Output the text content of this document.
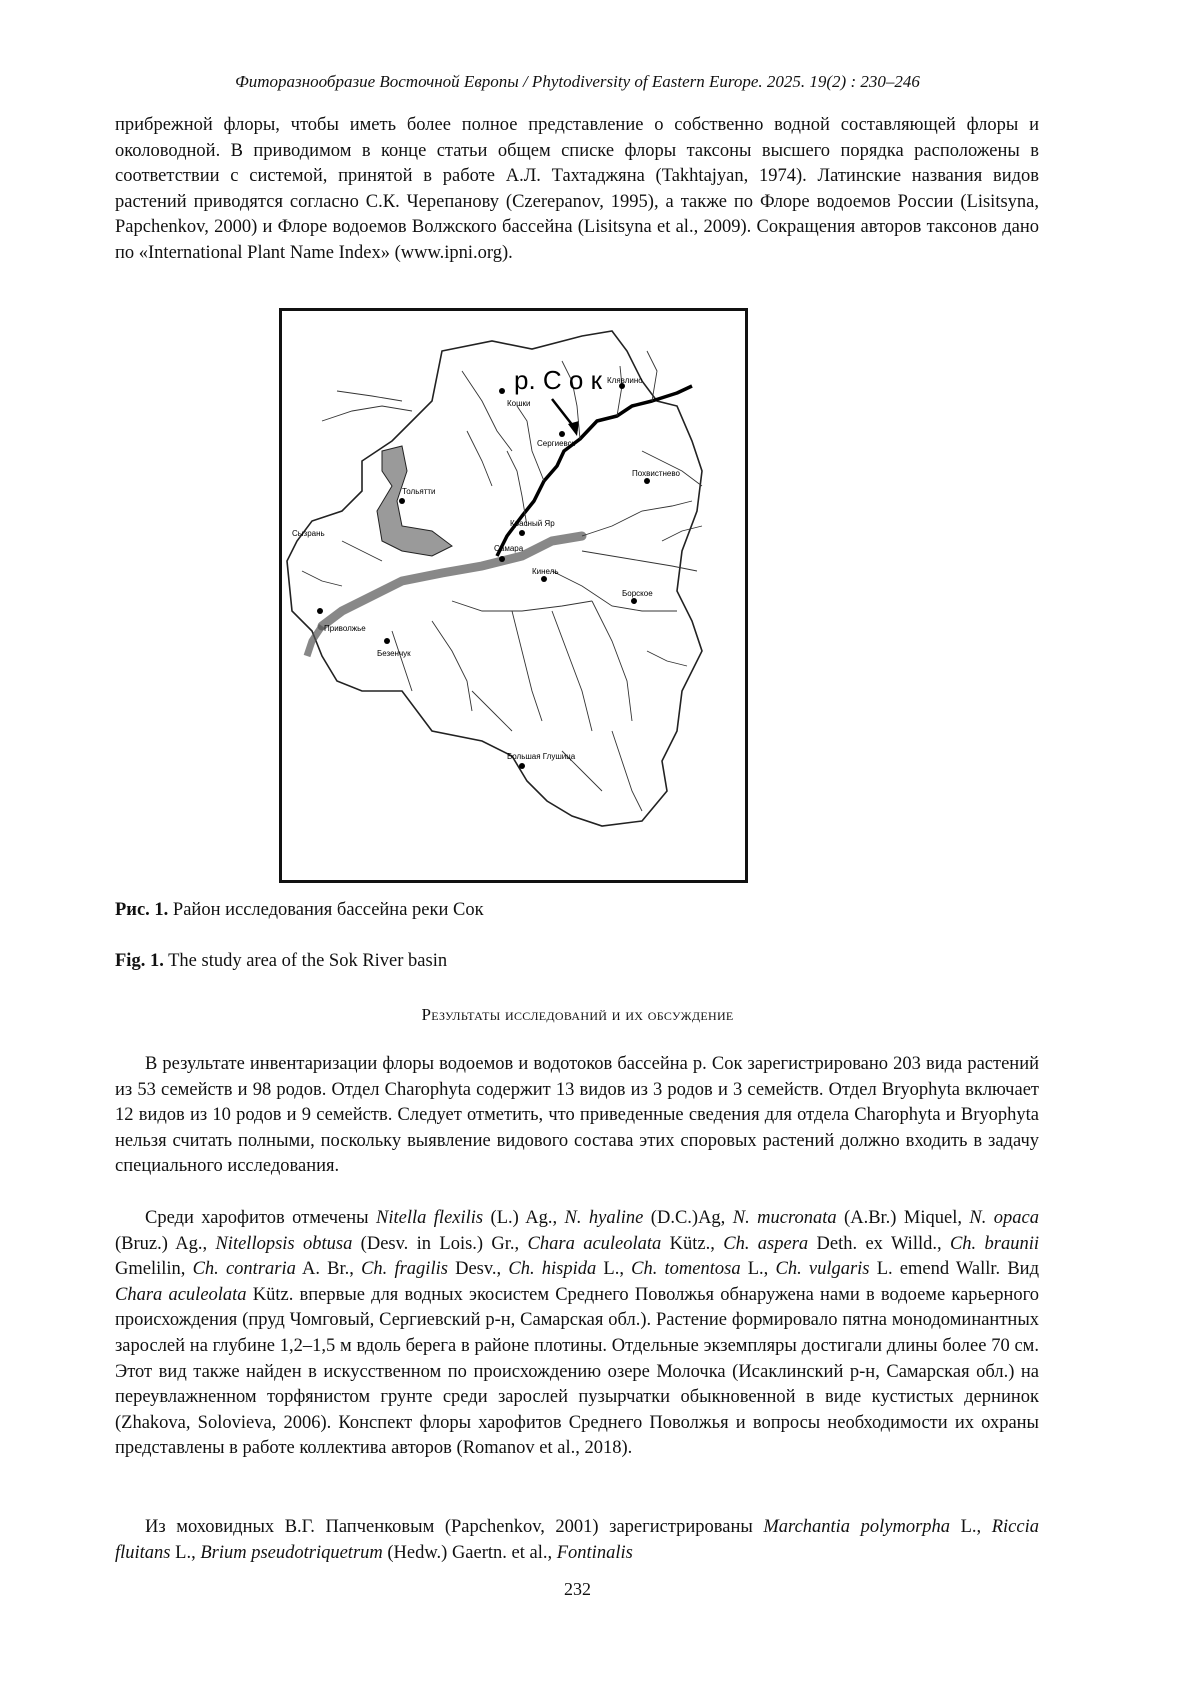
Фиторазнообразие Восточной Европы / Phytodiversity of Eastern Europe. 2025. 19(2) : 230–246

прибрежной флоры, чтобы иметь более полное представление о собственно водной составляющей флоры и околоводной. В приводимом в конце статьи общем списке флоры таксоны высшего порядка расположены в соответствии с системой, принятой в работе А.Л. Тахтаджяна (Takhtajyan, 1974). Латинские названия видов растений приводятся согласно С.К. Черепанову (Czerepanov, 1995), а также по Флоре водоемов России (Lisitsyna, Papchenkov, 2000) и Флоре водоемов Волжского бассейна (Lisitsyna et al., 2009). Сокращения авторов таксонов дано по «International Plant Name Index» (www.ipni.org).

р. С о к
Кошки
Клявлино
Сергиевск
Похвистнево
Тольятти
Красный Яр
Самара
Кинель
Борское
Сызрань
Приволжье
Безенчук
Большая Глушица
Рис. 1. Район исследования бассейна реки Сок
Fig. 1. The study area of the Sok River basin
Результаты исследований и их обсуждение

В результате инвентаризации флоры водоемов и водотоков бассейна р. Сок зарегистрировано 203 вида растений из 53 семейств и 98 родов. Отдел Charophyta содержит 13 видов из 3 родов и 3 семейств. Отдел Bryophyta включает 12 видов из 10 родов и 9 семейств. Следует отметить, что приведенные сведения для отдела Charophyta и Bryophyta нельзя считать полными, поскольку выявление видового состава этих споровых растений должно входить в задачу специального исследования.

Среди харофитов отмечены Nitella flexilis (L.) Ag., N. hyaline (D.C.)Ag, N. mucronata (A.Br.) Miquel, N. opaca (Bruz.) Ag., Nitellopsis obtusa (Desv. in Lois.) Gr., Chara aculeolata Kütz., Ch. aspera Deth. ex Willd., Ch. braunii Gmelilin, Ch. contraria A. Br., Ch. fragilis Desv., Ch. hispida L., Ch. tomentosa L., Ch. vulgaris L. emend Wallr. Вид Chara aculeolata Kütz. впервые для водных экосистем Среднего Поволжья обнаружена нами в водоеме карьерного происхождения (пруд Чомговый, Сергиевский р-н, Самарская обл.). Растение формировало пятна монодоминантных зарослей на глубине 1,2–1,5 м вдоль берега в районе плотины. Отдельные экземпляры достигали длины более 70 см. Этот вид также найден в искусственном по происхождению озере Молочка (Исаклинский р-н, Самарская обл.) на переувлажненном торфянистом грунте среди зарослей пузырчатки обыкновенной в виде кустистых дернинок (Zhakova, Solovieva, 2006). Конспект флоры харофитов Среднего Поволжья и вопросы необходимости их охраны представлены в работе коллектива авторов (Romanov et al., 2018).

Из моховидных В.Г. Папченковым (Papchenkov, 2001) зарегистрированы Marchantia polymorpha L., Riccia fluitans L., Brium pseudotriquetrum (Hedw.) Gaertn. et al., Fontinalis

232
